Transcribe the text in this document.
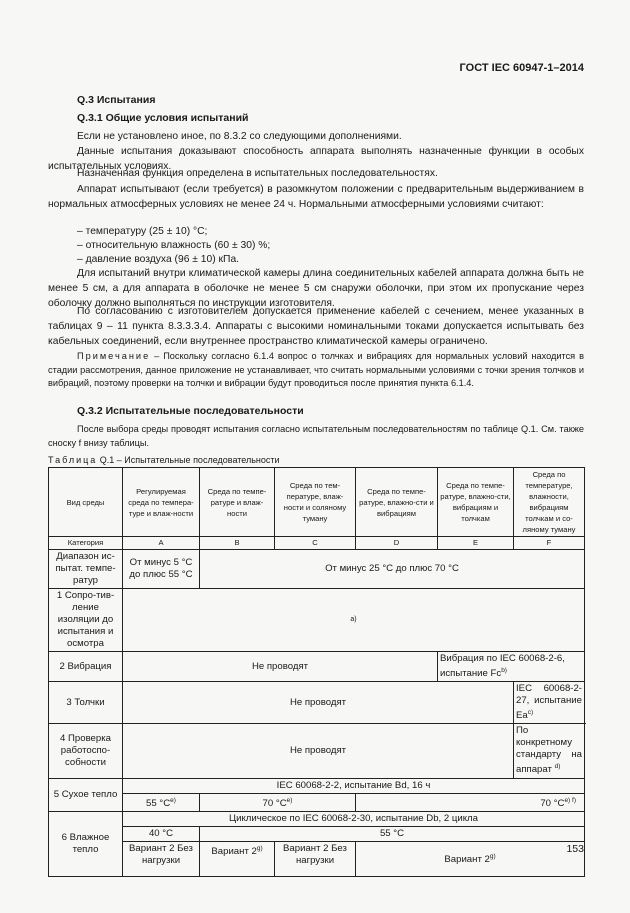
ГОСТ IEC 60947-1–2014
Q.3 Испытания
Q.3.1 Общие условия испытаний
Если не установлено иное, по 8.3.2 со следующими дополнениями.
Данные испытания доказывают способность аппарата выполнять назначенные функции в особых испытательных условиях.
Назначенная функция определена в испытательных последовательностях.
Аппарат испытывают (если требуется) в разомкнутом положении с предварительным выдерживанием в нормальных атмосферных условиях не менее 24 ч. Нормальными атмосферными условиями считают:
– температуру (25 ± 10) °С;
– относительную влажность (60 ± 30) %;
– давление воздуха (96 ± 10) кПа.
Для испытаний внутри климатической камеры длина соединительных кабелей аппарата должна быть не менее 5 см, а для аппарата в оболочке не менее 5 см снаружи оболочки, при этом их пропускание через оболочку должно выполняться по инструкции изготовителя.
По согласованию с изготовителем допускается применение кабелей с сечением, менее указанных в таблицах 9 – 11 пункта 8.3.3.3.4. Аппараты с высокими номинальными токами допускается испытывать без кабельных соединений, если внутреннее пространство климатической камеры ограничено.
Примечание – Поскольку согласно 6.1.4 вопрос о толчках и вибрациях для нормальных условий находится в стадии рассмотрения, данное приложение не устанавливает, что считать нормальными условиями с точки зрения толчков и вибраций, поэтому проверки на толчки и вибрации будут проводиться после принятия пункта 6.1.4.
Q.3.2 Испытательные последовательности
После выбора среды проводят испытания согласно испытательным последовательностям по таблице Q.1. См. также сноску f внизу таблицы.
Таблица Q.1 – Испытательные последовательности
Вид среды	Регулируемая среда по темпера-туре и влаж-ности	Среда по темпе-ратуре и влаж-ности	Среда по тем-пературе, влаж-ности и соляному туману	Среда по темпе-ратуре, влажно-сти и вибрациям	Среда по темпе-ратуре, влажно-сти, вибрациям и толчкам	Среда по температуре, влажности, вибрациям толчкам и со-ляному туману
Категория	A	B	C	D	E	F
Диапазон ис-пытат. темпе-ратур	От минус 5 °С до плюс 55 °С	От минус 25 °С до плюс 70 °С				
1 Сопро-тив-ление изоляции до испытания и осмотра	a)					
2 Вибрация	Не проводят				Вибрация по IEC 60068-2-6, испытание Fc$^{b)}$
3 Толчки	Не проводят					IEC 60068-2-27, испытание Ea$^{c)}$
4 Проверка работоспо-собности	Не проводят					По конкретному стандарту на аппарат $^{d)}$
5 Сухое тепло	IEC 60068-2-2, испытание Bd, 16 ч					
	55 $^\circ С^{e)}$	70 $^\circ С^{e)}$		70 $^\circ С^{e) f)}$
6 Влажное тепло	Циклическое по IEC 60068-2-30, испытание Db, 2 цикла					
	40 °С	55 °С				
	Вариант 2 Без нагрузки	Вариант 2$^{g)}$	Вариант 2 Без нагрузки	Вариант 2$^{g)}$
153
